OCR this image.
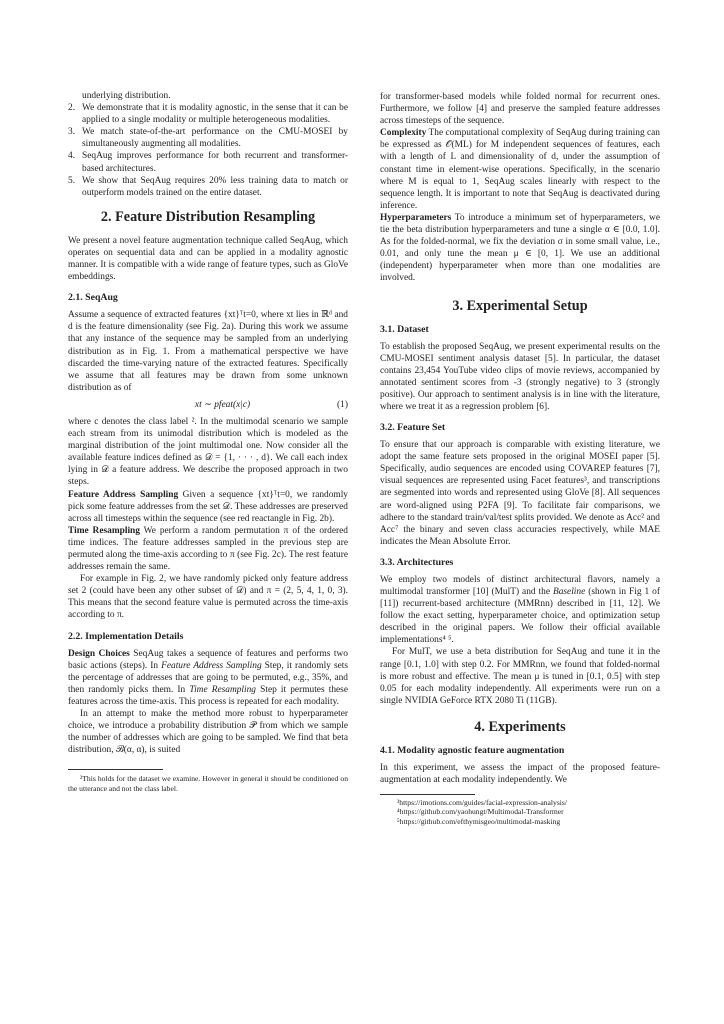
underlying distribution.

2. We demonstrate that it is modality agnostic, in the sense that it can be applied to a single modality or multiple heterogeneous modalities.
3. We match state-of-the-art performance on the CMU-MOSEI by simultaneously augmenting all modalities.
4. SeqAug improves performance for both recurrent and transformer-based architectures.
5. We show that SeqAug requires 20% less training data to match or outperform models trained on the entire dataset.
2. Feature Distribution Resampling

We present a novel feature augmentation technique called SeqAug, which operates on sequential data and can be applied in a modality agnostic manner. It is compatible with a wide range of feature types, such as GloVe embeddings.

2.1. SeqAug

Assume a sequence of extracted features {xt}ᵀt=0, where xt lies in ℝᵈ and d is the feature dimensionality (see Fig. 2a). During this work we assume that any instance of the sequence may be sampled from an underlying distribution as in Fig. 1. From a mathematical perspective we have discarded the time-varying nature of the extracted features. Specifically we assume that all features may be drawn from some unknown distribution as of

xt ∼ pfeat(x|c)	(1)

where c denotes the class label ². In the multimodal scenario we sample each stream from its unimodal distribution which is modeled as the marginal distribution of the joint multimodal one. Now consider all the available feature indices defined as 𝒟 = {1, · · · , d}. We call each index lying in 𝒟 a feature address. We describe the proposed approach in two steps.

Feature Address Sampling Given a sequence {xt}ᵀt=0, we randomly pick some feature addresses from the set 𝒟. These addresses are preserved across all timesteps within the sequence (see red reactangle in Fig. 2b).

Time Resampling We perform a random permutation π of the ordered time indices. The feature addresses sampled in the previous step are permuted along the time-axis according to π (see Fig. 2c). The rest feature addresses remain the same.

For example in Fig. 2, we have randomly picked only feature address set 2 (could have been any other subset of 𝒟) and π = (2, 5, 4, 1, 0, 3). This means that the second feature value is permuted across the time-axis according to π.

2.2. Implementation Details

Design Choices SeqAug takes a sequence of features and performs two basic actions (steps). In Feature Address Sampling Step, it randomly sets the percentage of addresses that are going to be permuted, e.g., 35%, and then randomly picks them. In Time Resampling Step it permutes these features across the time-axis. This process is repeated for each modality.

In an attempt to make the method more robust to hyperparameter choice, we introduce a probability distribution 𝒫 from which we sample the number of addresses which are going to be sampled. We find that beta distribution, ℬ(α, α), is suited

²This holds for the dataset we examine. However in general it should be conditioned on the utterance and not the class label.

for transformer-based models while folded normal for recurrent ones. Furthermore, we follow [4] and preserve the sampled feature addresses across timesteps of the sequence.

Complexity The computational complexity of SeqAug during training can be expressed as 𝒪(ML) for M independent sequences of features, each with a length of L and dimensionality of d, under the assumption of constant time in element-wise operations. Specifically, in the scenario where M is equal to 1, SeqAug scales linearly with respect to the sequence length. It is important to note that SeqAug is deactivated during inference.

Hyperparameters To introduce a minimum set of hyperparameters, we tie the beta distribution hyperparameters and tune a single α ∈ [0.0, 1.0]. As for the folded-normal, we fix the deviation σ in some small value, i.e., 0.01, and only tune the mean μ ∈ [0, 1]. We use an additional (independent) hyperparameter when more than one modalities are involved.

3. Experimental Setup
3.1. Dataset

To establish the proposed SeqAug, we present experimental results on the CMU-MOSEI sentiment analysis dataset [5]. In particular, the dataset contains 23,454 YouTube video clips of movie reviews, accompanied by annotated sentiment scores from -3 (strongly negative) to 3 (strongly positive). Our approach to sentiment analysis is in line with the literature, where we treat it as a regression problem [6].

3.2. Feature Set

To ensure that our approach is comparable with existing literature, we adopt the same feature sets proposed in the original MOSEI paper [5]. Specifically, audio sequences are encoded using COVAREP features [7], visual sequences are represented using Facet features³, and transcriptions are segmented into words and represented using GloVe [8]. All sequences are word-aligned using P2FA [9]. To facilitate fair comparisons, we adhere to the standard train/val/test splits provided. We denote as Acc² and Acc⁷ the binary and seven class accuracies respectively, while MAE indicates the Mean Absolute Error.

3.3. Architectures

We employ two models of distinct architectural flavors, namely a multimodal transformer [10] (MulT) and the Baseline (shown in Fig 1 of [11]) recurrent-based architecture (MMRnn) described in [11, 12]. We follow the exact setting, hyperparameter choice, and optimization setup described in the original papers. We follow their official available implementations⁴ ⁵.

For MulT, we use a beta distribution for SeqAug and tune it in the range [0.1, 1.0] with step 0.2. For MMRnn, we found that folded-normal is more robust and effective. The mean μ is tuned in [0.1, 0.5] with step 0.05 for each modality independently. All experiments were run on a single NVIDIA GeForce RTX 2080 Ti (11GB).

4. Experiments
4.1. Modality agnostic feature augmentation

In this experiment, we assess the impact of the proposed feature-augmentation at each modality independently. We

³https://imotions.com/guides/facial-expression-analysis/

⁴https://github.com/yaohungt/Multimodal-Transformer

⁵https://github.com/efthymisgeo/multimodal-masking
